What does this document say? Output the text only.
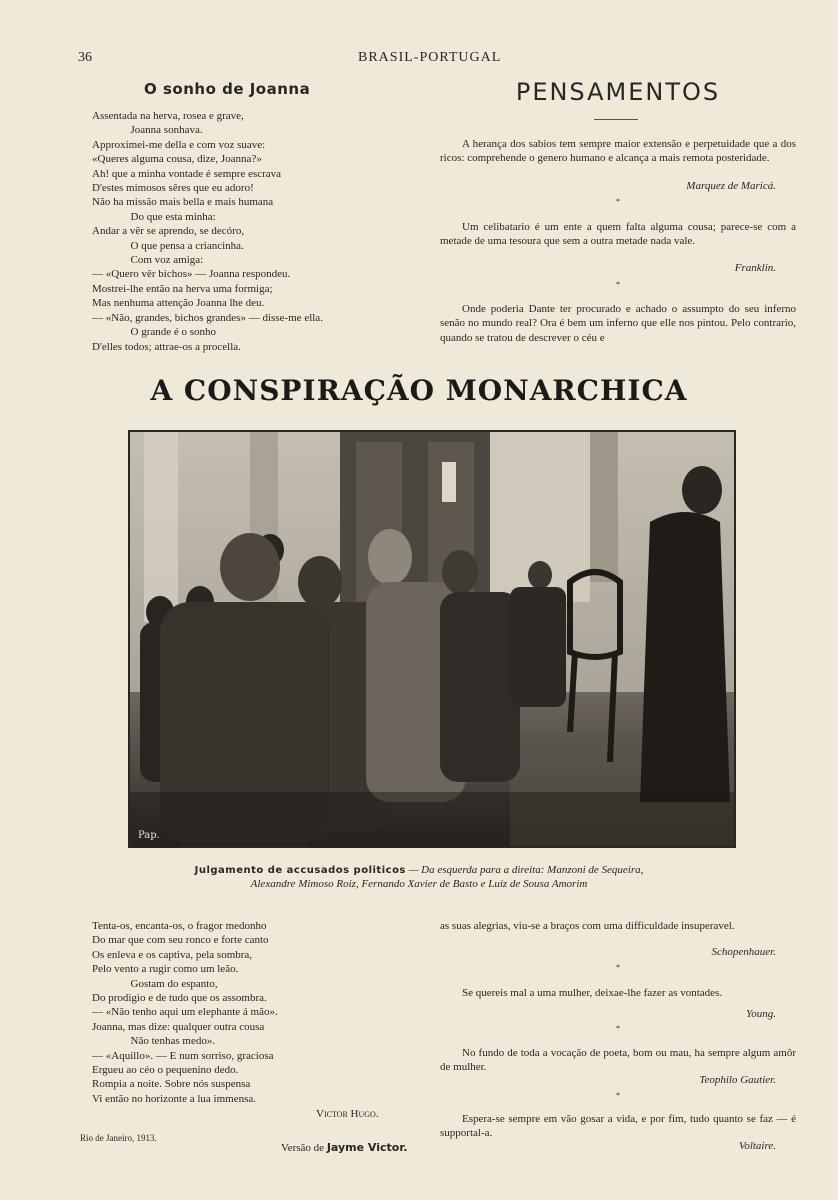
36	BRASIL-PORTUGAL
O sonho de Joanna
Assentada na herva, rosea e grave,
Joanna sonhava.
Approximei-me della e com voz suave:
«Queres alguma cousa, dize, Joanna?»
Ah! que a minha vontade é sempre escrava
D'estes mimosos sêres que eu adoro!
Não ha missão mais bella e mais humana
Do que esta minha:
Andar a vêr se aprendo, se decóro,
O que pensa a criancinha.
Com voz amiga:
— «Quero vêr bichos» — Joanna respondeu.
Mostrei-lhe então na herva uma formiga;
Mas nenhuma attenção Joanna lhe deu.
— «Não, grandes, bichos grandes» — disse-me ella.
O grande é o sonho
D'elles todos; attrae-os a procella.
PENSAMENTOS
A herança dos sabios tem sempre maior extensão e perpetuidade que a dos ricos: comprehende o genero humano e alcança a mais remota posteridade.
Marquez de Maricá.
*
Um celibatario é um ente a quem falta alguma cousa; parece-se com a metade de uma tesoura que sem a outra metade nada vale.
Franklin.
*
Onde poderia Dante ter procurado e achado o assumpto do seu inferno senão no mundo real? Ora é bem um inferno que elle nos pintou. Pelo contrario, quando se tratou de descrever o céu e
A CONSPIRAÇÃO MONARCHICA
Pap.
Julgamento de accusados politicos — Da esquerda para a direita: Manzoni de Sequeira,
Alexandre Mimoso Roiz, Fernando Xavier de Basto e Luiz de Sousa Amorim
Tenta-os, encanta-os, o fragor medonho
Do mar que com seu ronco e forte canto
Os enleva e os captiva, pela sombra,
Pelo vento a rugir como um leão.
Gostam do espanto,
Do prodigio e de tudo que os assombra.
— «Não tenho aqui um elephante á mão».
Joanna, mas dize: qualquer outra cousa
Não tenhas medo».
— «Aquillo». — E num sorriso, graciosa
Ergueu ao céo o pequenino dedo.
Rompia a noite. Sobre nós suspensa
Vi então no horizonte a lua immensa.
Victor Hugo.
Rio de Janeiro, 1913.
Versão de Jayme Victor.
as suas alegrias, viu-se a braços com uma difficuldade insuperavel.
Schopenhauer.
*
Se quereis mal a uma mulher, deixae-lhe fazer as vontades.
Young.
*
No fundo de toda a vocação de poeta, bom ou mau, ha sempre algum amôr de mulher.
Teophilo Gautier.
*
Espera-se sempre em vão gosar a vida, e por fim, tudo quanto se faz — é supportal-a.
Voltaire.
